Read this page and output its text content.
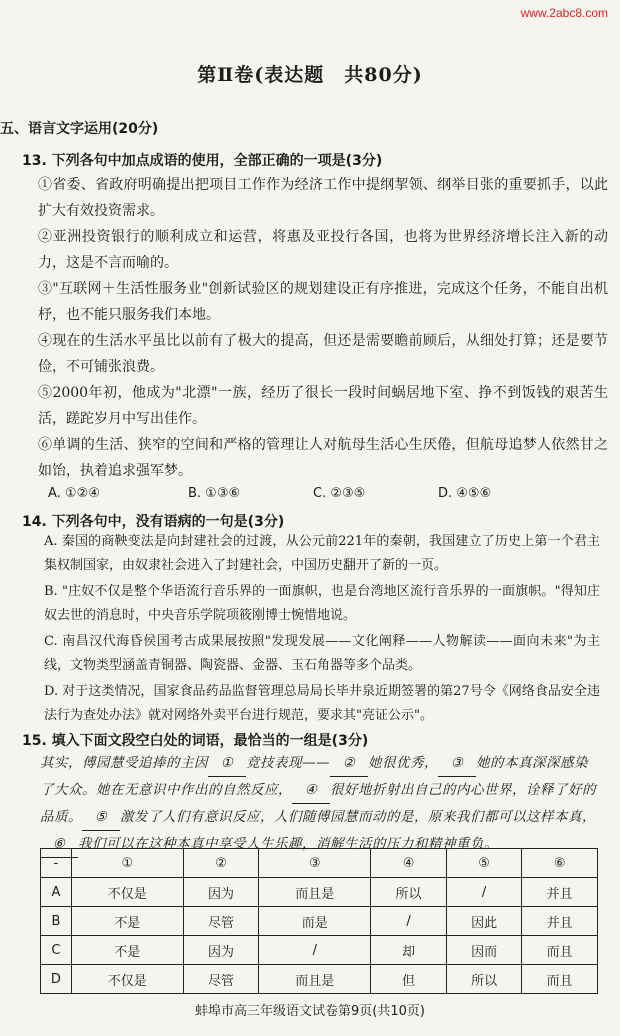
www.2abc8.com
第Ⅱ卷(表达题　共80分)
五、语言文字运用(20分)
13. 下列各句中加点成语的使用，全部正确的一项是(3分)
①省委、省政府明确提出把项目工作作为经济工作中提纲挈领、纲举目张的重要抓手，以此扩大有效投资需求。
②亚洲投资银行的顺利成立和运营，将惠及亚投行各国，也将为世界经济增长注入新的动力，这是不言而喻的。
③"互联网＋生活性服务业"创新试验区的规划建设正有序推进，完成这个任务，不能自出机杼，也不能只服务我们本地。
④现在的生活水平虽比以前有了极大的提高，但还是需要瞻前顾后，从细处打算；还是要节俭，不可铺张浪费。
⑤2000年初，他成为"北漂"一族，经历了很长一段时间蜗居地下室、挣不到饭钱的艰苦生活，蹉跎岁月中写出佳作。
⑥单调的生活、狭窄的空间和严格的管理让人对航母生活心生厌倦，但航母追梦人依然甘之如饴，执着追求强军梦。
A. ①②④	B. ①③⑥	C. ②③⑤	D. ④⑤⑥
14. 下列各句中，没有语病的一句是(3分)
A. 秦国的商鞅变法是向封建社会的过渡，从公元前221年的秦朝，我国建立了历史上第一个君主集权制国家，由奴隶社会进入了封建社会，中国历史翻开了新的一页。
B. "庄奴不仅是整个华语流行音乐界的一面旗帜，也是台湾地区流行音乐界的一面旗帜。"得知庄奴去世的消息时，中央音乐学院项筱刚博士惋惜地说。
C. 南昌汉代海昏侯国考古成果展按照"发现发展——文化阐释——人物解读——面向未来"为主线，文物类型涵盖青铜器、陶瓷器、金器、玉石角器等多个品类。
D. 对于这类情况，国家食品药品监督管理总局局长毕井泉近期签署的第27号令《网络食品安全违法行为查处办法》就对网络外卖平台进行规范，要求其"亮证公示"。
15. 填入下面文段空白处的词语，最恰当的一组是(3分)
其实，傅园慧受追捧的主因 ① 竞技表现—— ② 她很优秀， ③ 她的本真深深感染了大众。她在无意识中作出的自然反应， ④ 很好地折射出自己的内心世界，诠释了好的品质。 ⑤ 激发了人们有意识反应，人们随傅园慧而动的是，原来我们都可以这样本真，⑥ 我们可以在这种本真中享受人生乐趣，消解生活的压力和精神重负。
-	①	②	③	④	⑤	⑥
A	不仅是	因为	而且是	所以	/	并且
B	不是	尽管	而是	/	因此	并且
C	不是	因为	/	却	因而	而且
D	不仅是	尽管	而且是	但	所以	而且
蚌埠市高三年级语文试卷第9页(共10页)
